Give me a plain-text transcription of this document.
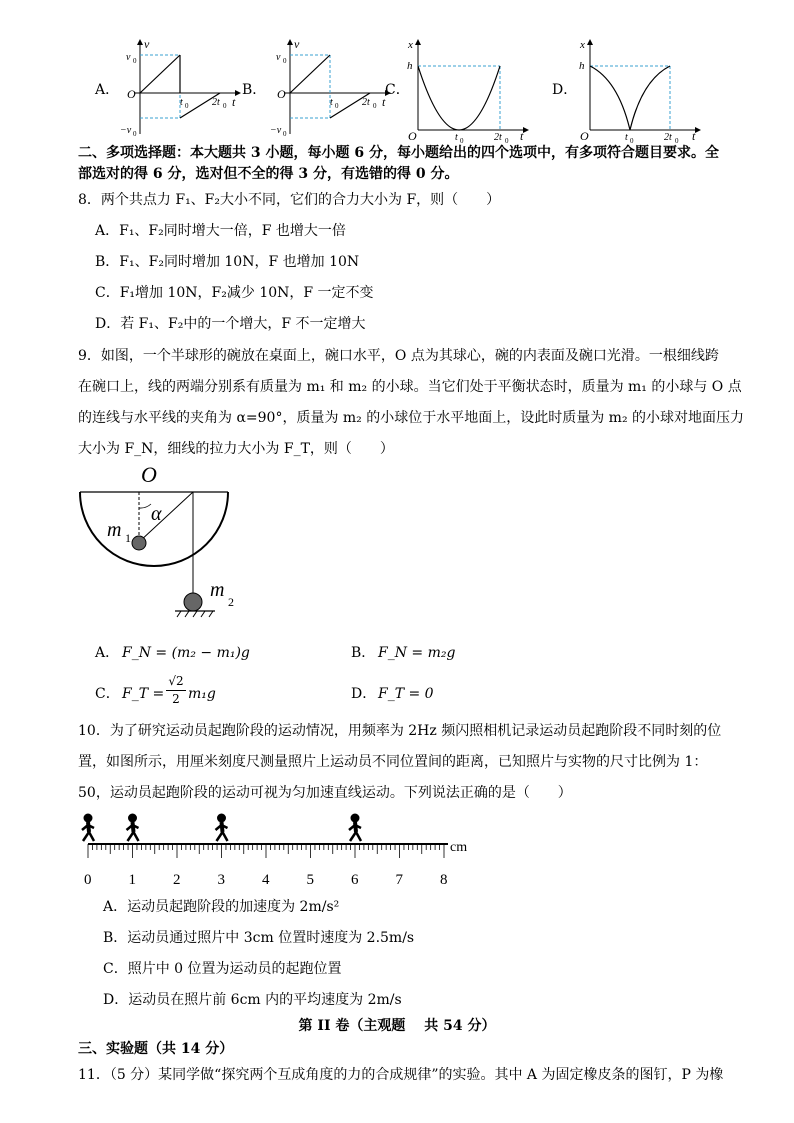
A．
v
v 0
O
t
t 0 2t 0
−v 0
B．
v
v 0
O
t
t 0 2t 0
−v 0
C．
x
h
O	t
t 0	2t 0
D．
x
h
O	t
t 0	2t 0
二、多项选择题：本大题共 3 小题，每小题 6 分，每小题给出的四个选项中，有多项符合题目要求。全
部选对的得 6 分，选对但不全的得 3 分，有选错的得 0 分。
8．两个共点力 F₁、F₂大小不同，它们的合力大小为 F，则（　　）
A．F₁、F₂同时增大一倍，F 也增大一倍
B．F₁、F₂同时增加 10N，F 也增加 10N
C．F₁增加 10N，F₂减少 10N，F 一定不变
D．若 F₁、F₂中的一个增大，F 不一定增大
9．如图，一个半球形的碗放在桌面上，碗口水平，O 点为其球心，碗的内表面及碗口光滑。一根细线跨
在碗口上，线的两端分别系有质量为 m₁ 和 m₂ 的小球。当它们处于平衡状态时，质量为 m₁ 的小球与 O 点
的连线与水平线的夹角为 α=90°，质量为 m₂ 的小球位于水平地面上，设此时质量为 m₂ 的小球对地面压力
大小为 F_N，细线的拉力大小为 F_T，则（　　）
O
α
m 1
m
2
A． F_N = (m₂ − m₁)g	B． F_N = m₂g
C． F_T =
√2
2 m₁g	D． F_T = 0
10．为了研究运动员起跑阶段的运动情况，用频率为 2Hz 频闪照相机记录运动员起跑阶段不同时刻的位
置，如图所示，用厘米刻度尺测量照片上运动员不同位置间的距离，已知照片与实物的尺寸比例为 1：
50，运动员起跑阶段的运动可视为匀加速直线运动。下列说法正确的是（　　）
0 1 2 3 4 5 6 7 8
cm
A．运动员起跑阶段的加速度为 2m/s²
B．运动员通过照片中 3cm 位置时速度为 2.5m/s
C．照片中 0 位置为运动员的起跑位置
D．运动员在照片前 6cm 内的平均速度为 2m/s
第 II 卷（主观题　 共 54 分）
三、实验题（共 14 分）
11．（5 分）某同学做“探究两个互成角度的力的合成规律”的实验。其中 A 为固定橡皮条的图钉，P 为橡
